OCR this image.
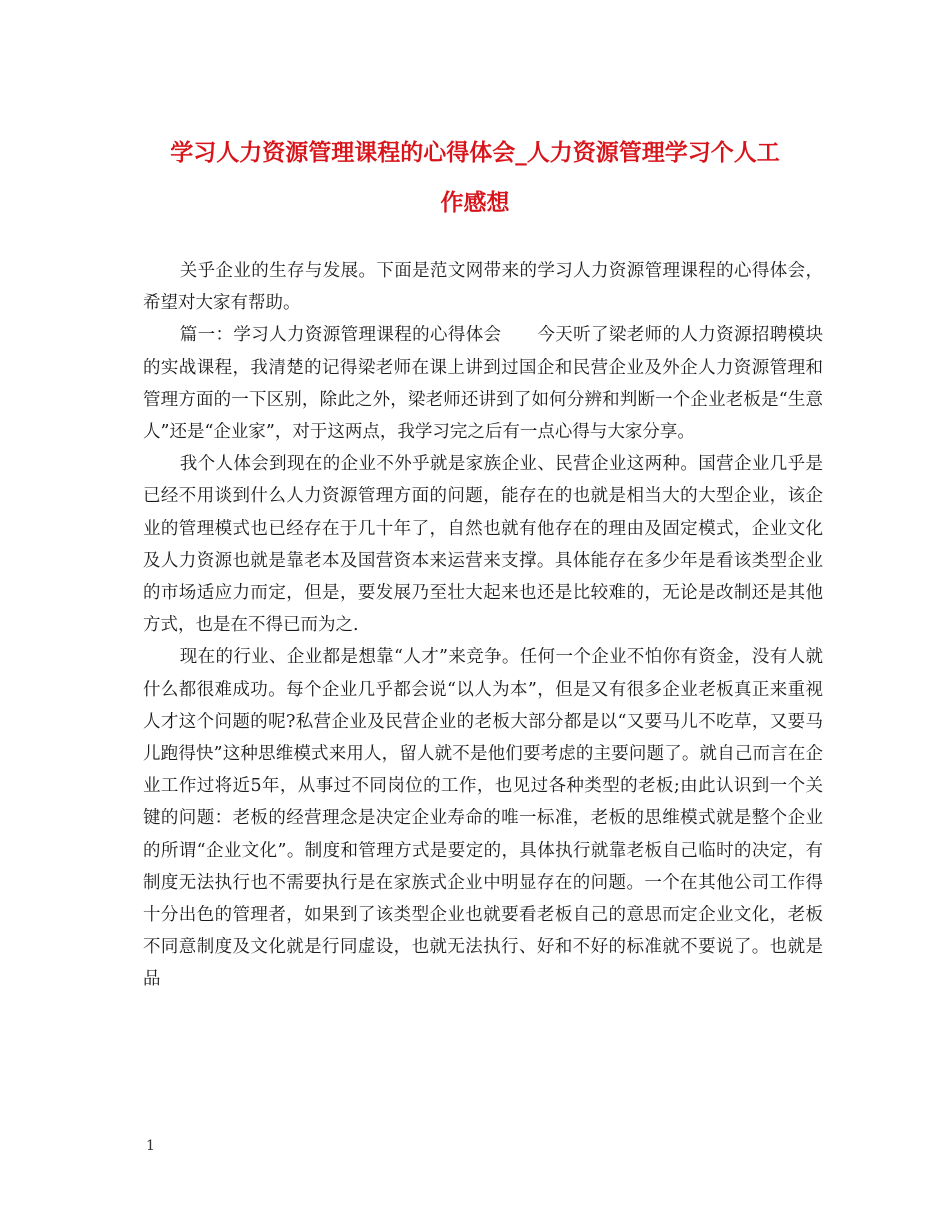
学习人力资源管理课程的心得体会_人力资源管理学习个人工
作感想

关乎企业的生存与发展。下面是范文网带来的学习人力资源管理课程的心得体会，希望对大家有帮助。

篇一：学习人力资源管理课程的心得体会　　今天听了梁老师的人力资源招聘模块的实战课程，我清楚的记得梁老师在课上讲到过国企和民营企业及外企人力资源管理和管理方面的一下区别，除此之外，梁老师还讲到了如何分辨和判断一个企业老板是“生意人”还是“企业家”，对于这两点，我学习完之后有一点心得与大家分享。

我个人体会到现在的企业不外乎就是家族企业、民营企业这两种。国营企业几乎是已经不用谈到什么人力资源管理方面的问题，能存在的也就是相当大的大型企业，该企业的管理模式也已经存在于几十年了，自然也就有他存在的理由及固定模式，企业文化及人力资源也就是靠老本及国营资本来运营来支撑。具体能存在多少年是看该类型企业的市场适应力而定，但是，要发展乃至壮大起来也还是比较难的，无论是改制还是其他方式，也是在不得已而为之.

现在的行业、企业都是想靠“人才”来竞争。任何一个企业不怕你有资金，没有人就什么都很难成功。每个企业几乎都会说“以人为本”，但是又有很多企业老板真正来重视人才这个问题的呢?私营企业及民营企业的老板大部分都是以“又要马儿不吃草，又要马儿跑得快”这种思维模式来用人，留人就不是他们要考虑的主要问题了。就自己而言在企业工作过将近5年，从事过不同岗位的工作，也见过各种类型的老板;由此认识到一个关键的问题：老板的经营理念是决定企业寿命的唯一标准，老板的思维模式就是整个企业的所谓“企业文化”。制度和管理方式是要定的，具体执行就靠老板自己临时的决定，有制度无法执行也不需要执行是在家族式企业中明显存在的问题。一个在其他公司工作得十分出色的管理者，如果到了该类型企业也就要看老板自己的意思而定企业文化，老板不同意制度及文化就是行同虚设，也就无法执行、好和不好的标准就不要说了。也就是品

1
